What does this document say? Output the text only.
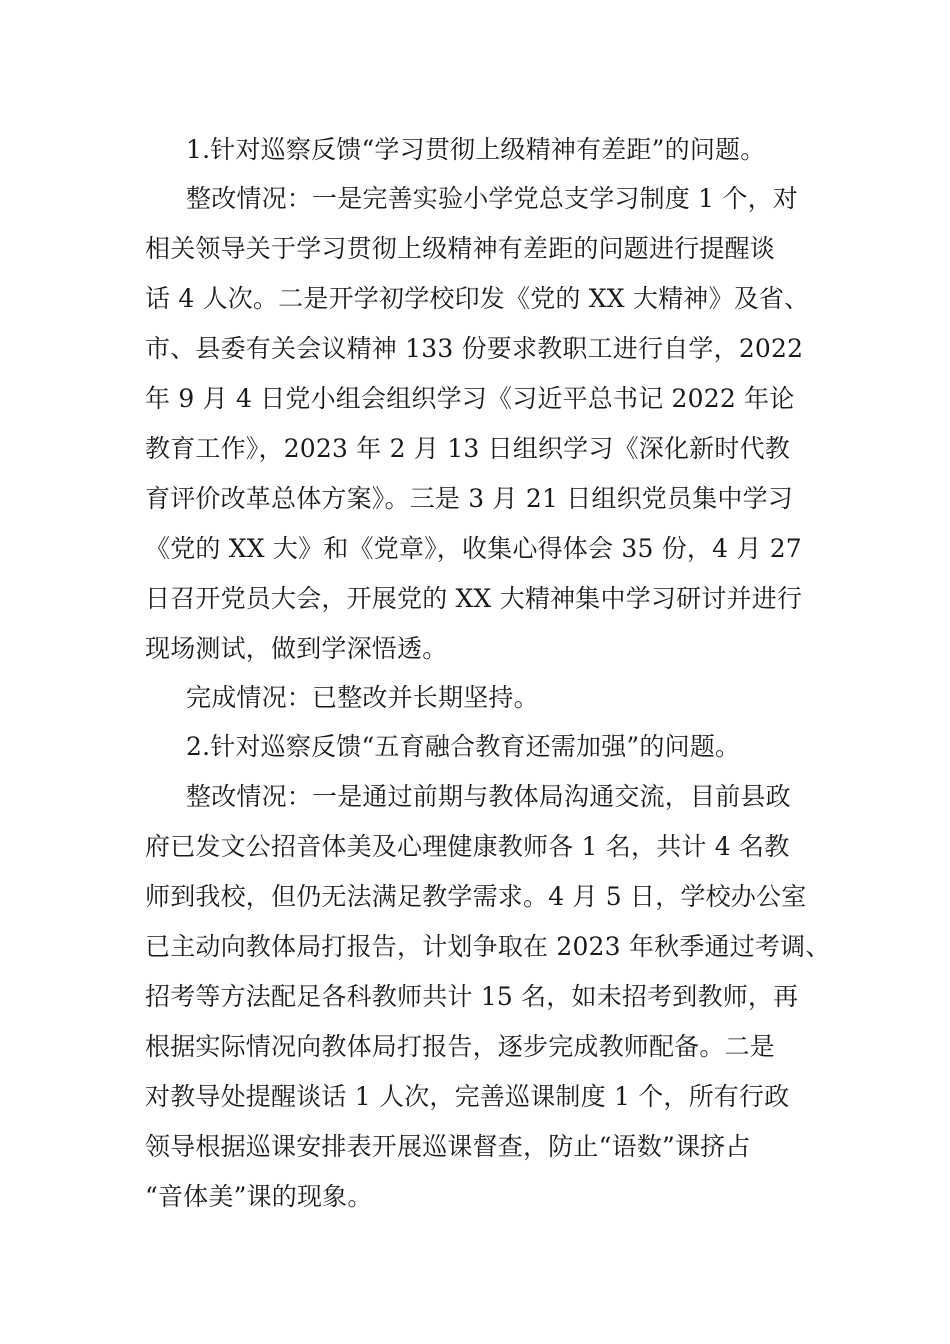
1.针对巡察反馈“学习贯彻上级精神有差距”的问题。
整改情况：一是完善实验小学党总支学习制度 1 个，对
相关领导关于学习贯彻上级精神有差距的问题进行提醒谈
话 4 人次。二是开学初学校印发《党的 XX 大精神》及省、
市、县委有关会议精神 133 份要求教职工进行自学，2022
年 9 月 4 日党小组会组织学习《习近平总书记 2022 年论
教育工作》，2023 年 2 月 13 日组织学习《深化新时代教
育评价改革总体方案》。三是 3 月 21 日组织党员集中学习
《党的 XX 大》和《党章》，收集心得体会 35 份，4 月 27
日召开党员大会，开展党的 XX 大精神集中学习研讨并进行
现场测试，做到学深悟透。
完成情况：已整改并长期坚持。
2.针对巡察反馈“五育融合教育还需加强”的问题。
整改情况：一是通过前期与教体局沟通交流，目前县政
府已发文公招音体美及心理健康教师各 1 名，共计 4 名教
师到我校，但仍无法满足教学需求。4 月 5 日，学校办公室
已主动向教体局打报告，计划争取在 2023 年秋季通过考调、
招考等方法配足各科教师共计 15 名，如未招考到教师，再
根据实际情况向教体局打报告，逐步完成教师配备。二是
对教导处提醒谈话 1 人次，完善巡课制度 1 个，所有行政
领导根据巡课安排表开展巡课督查，防止“语数”课挤占
“音体美”课的现象。
